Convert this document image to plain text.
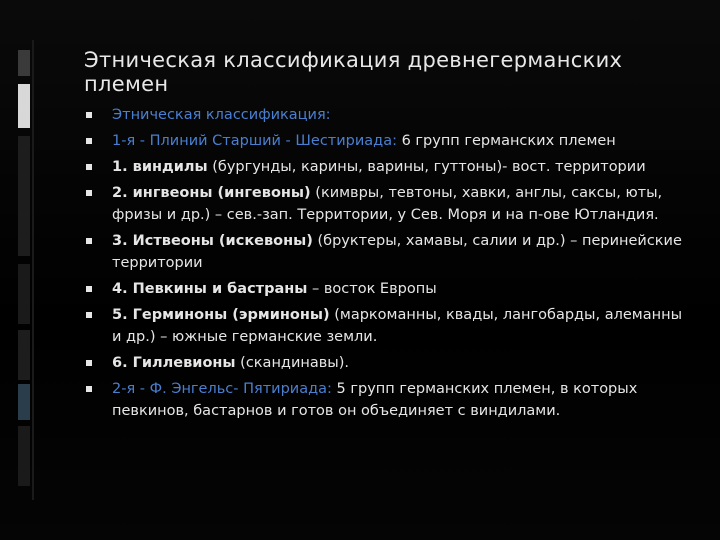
Этническая классификация древнегерманских племен
Этническая классификация:
1-я - Плиний Старший - Шестириада: 6 групп германских племен
1. виндилы (бургунды, карины, варины, гуттоны)- вост. территории
2. ингвеоны (ингевоны) (кимвры, тевтоны, хавки, англы, саксы, юты, фризы и др.) – сев.-зап. Территории, у Сев. Моря и на п-ове Ютландия.
3. Иствеоны (искевоны) (бруктеры, хамавы, салии и др.) – перинейские территории
4. Певкины и бастраны – восток Европы
5. Герминоны (эрминоны) (маркоманны, квады, лангобарды, алеманны и др.) – южные германские земли.
6. Гиллевионы (скандинавы).
2-я - Ф. Энгельс- Пятириада: 5 групп германских племен, в которых певкинов, бастарнов и готов он объединяет с виндилами.
